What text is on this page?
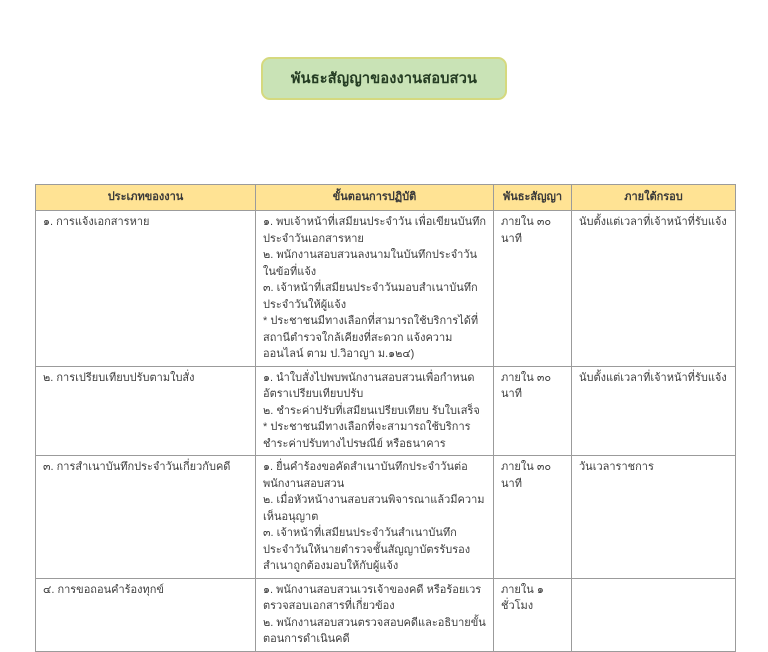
พันธะสัญญาของงานสอบสวน
ประเภทของงาน	ขั้นตอนการปฏิบัติ	พันธะสัญญา	ภายใต้กรอบ
๑. การแจ้งเอกสารหาย	๑. พบเจ้าหน้าที่เสมียนประจำวัน เพื่อเขียนบันทึกประจำวันเอกสารหาย
๒. พนักงานสอบสวนลงนามในบันทึกประจำวันในข้อที่แจ้ง
๓. เจ้าหน้าที่เสมียนประจำวันมอบสำเนาบันทึกประจำวันให้ผู้แจ้ง
* ประชาชนมีทางเลือกที่สามารถใช้บริการได้ที่สถานีตำรวจใกล้เคียงที่สะดวก แจ้งความออนไลน์ ตาม ป.วิอาญา ม.๑๒๔)	ภายใน ๓๐ นาที	นับตั้งแต่เวลาที่เจ้าหน้าที่รับแจ้ง
๒. การเปรียบเทียบปรับตามใบสั่ง	๑. นำใบสั่งไปพบพนักงานสอบสวนเพื่อกำหนดอัตราเปรียบเทียบปรับ
๒. ชำระค่าปรับที่เสมียนเปรียบเทียบ รับใบเสร็จ
* ประชาชนมีทางเลือกที่จะสามารถใช้บริการชำระค่าปรับทางไปรษณีย์ หรือธนาคาร	ภายใน ๓๐ นาที	นับตั้งแต่เวลาที่เจ้าหน้าที่รับแจ้ง
๓. การสำเนาบันทึกประจำวันเกี่ยวกับคดี	๑. ยื่นคำร้องขอคัดสำเนาบันทึกประจำวันต่อพนักงานสอบสวน
๒. เมื่อหัวหน้างานสอบสวนพิจารณาแล้วมีความเห็นอนุญาต
๓. เจ้าหน้าที่เสมียนประจำวันสำเนาบันทึกประจำวันให้นายตำรวจชั้นสัญญาบัตรรับรองสำเนาถูกต้องมอบให้กับผู้แจ้ง	ภายใน ๓๐ นาที	วันเวลาราชการ
๔. การขอถอนคำร้องทุกข์	๑. พนักงานสอบสวนเวรเจ้าของคดี หรือร้อยเวรตรวจสอบเอกสารที่เกี่ยวข้อง
๒. พนักงานสอบสวนตรวจสอบคดีและอธิบายขั้นตอนการดำเนินคดี	ภายใน ๑ ชั่วโมง	
